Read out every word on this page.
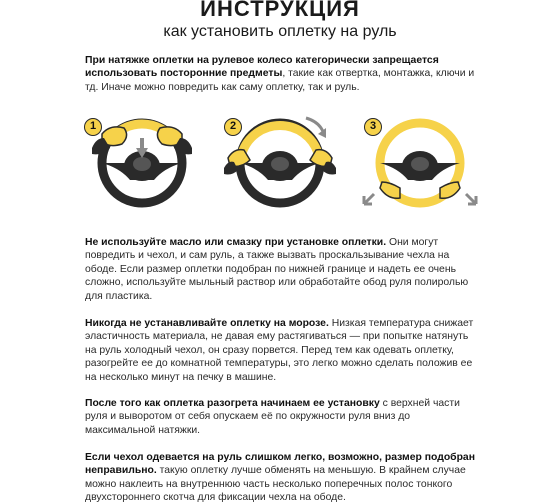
ИНСТРУКЦИЯ
как установить оплетку на руль
При натяжке оплетки на рулевое колесо категорически запрещается использовать посторонние предметы, такие как отвертка, монтажка, ключи и тд. Иначе можно повредить как саму оплетку, так и руль.
1	2	3
Не используйте масло или смазку при установке оплетки. Они могут повредить и чехол, и сам руль, а также вызвать проскальзывание чехла на ободе. Если размер оплетки подобран по нижней границе и надеть ее очень сложно, используйте мыльный раствор или обработайте обод руля полиролью для пластика.
Никогда не устанавливайте оплетку на морозе. Низкая температура снижает эластичность материала, не давая ему растягиваться — при попытке натянуть на руль холодный чехол, он сразу порвется. Перед тем как одевать оплетку, разогрейте ее до комнатной температуры, это легко можно сделать положив ее на несколько минут на печку в машине.
После того как оплетка разогрета начинаем ее установку с верхней части руля и выворотом от себя опускаем её по окружности руля вниз до максимальной натяжки.
Если чехол одевается на руль слишком легко, возможно, размер подобран неправильно. такую оплетку лучше обменять на меньшую. В крайнем случае можно наклеить на внутреннюю часть несколько поперечных полос тонкого двухстороннего скотча для фиксации чехла на ободе.
